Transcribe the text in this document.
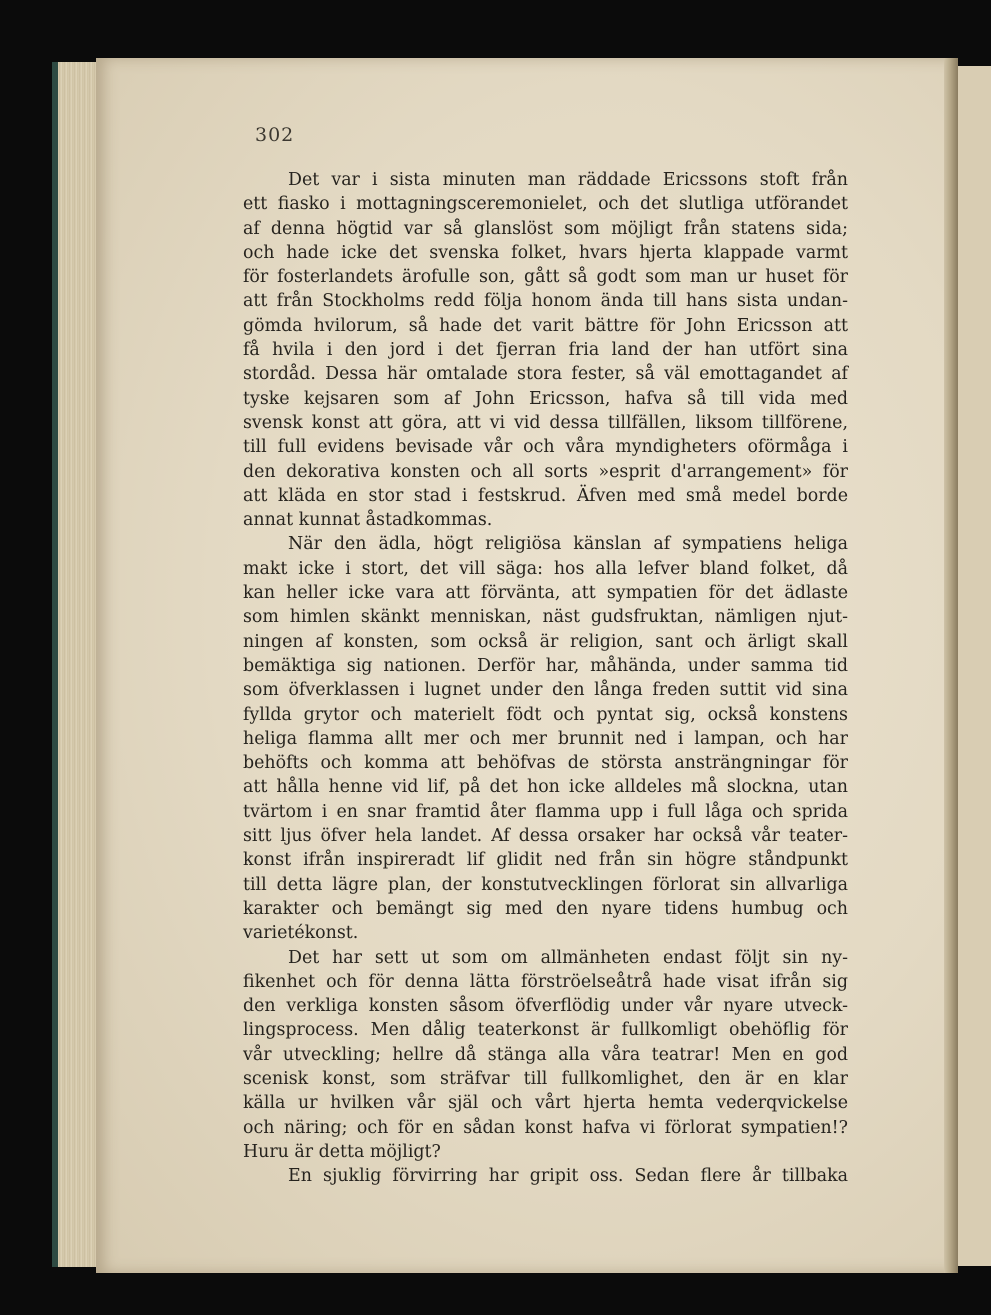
302
Det var i sista minuten man räddade Ericssons stoft från
ett fiasko i mottagningsceremonielet, och det slutliga utförandet
af denna högtid var så glanslöst som möjligt från statens sida;
och hade icke det svenska folket, hvars hjerta klappade varmt
för fosterlandets ärofulle son, gått så godt som man ur huset för
att från Stockholms redd följa honom ända till hans sista undan-
gömda hvilorum, så hade det varit bättre för John Ericsson att
få hvila i den jord i det fjerran fria land der han utfört sina
stordåd. Dessa här omtalade stora fester, så väl emottagandet af
tyske kejsaren som af John Ericsson, hafva så till vida med
svensk konst att göra, att vi vid dessa tillfällen, liksom tillförene,
till full evidens bevisade vår och våra myndigheters oförmåga i
den dekorativa konsten och all sorts »esprit d'arrangement» för
att kläda en stor stad i festskrud. Äfven med små medel borde
annat kunnat åstadkommas.
När den ädla, högt religiösa känslan af sympatiens heliga
makt icke i stort, det vill säga: hos alla lefver bland folket, då
kan heller icke vara att förvänta, att sympatien för det ädlaste
som himlen skänkt menniskan, näst gudsfruktan, nämligen njut-
ningen af konsten, som också är religion, sant och ärligt skall
bemäktiga sig nationen. Derför har, måhända, under samma tid
som öfverklassen i lugnet under den långa freden suttit vid sina
fyllda grytor och materielt födt och pyntat sig, också konstens
heliga flamma allt mer och mer brunnit ned i lampan, och har
behöfts och komma att behöfvas de största ansträngningar för
att hålla henne vid lif, på det hon icke alldeles må slockna, utan
tvärtom i en snar framtid åter flamma upp i full låga och sprida
sitt ljus öfver hela landet. Af dessa orsaker har också vår teater-
konst ifrån inspireradt lif glidit ned från sin högre ståndpunkt
till detta lägre plan, der konstutvecklingen förlorat sin allvarliga
karakter och bemängt sig med den nyare tidens humbug och
varietékonst.
Det har sett ut som om allmänheten endast följt sin ny-
fikenhet och för denna lätta förströelseåtrå hade visat ifrån sig
den verkliga konsten såsom öfverflödig under vår nyare utveck-
lingsprocess. Men dålig teaterkonst är fullkomligt obehöflig för
vår utveckling; hellre då stänga alla våra teatrar! Men en god
scenisk konst, som sträfvar till fullkomlighet, den är en klar
källa ur hvilken vår själ och vårt hjerta hemta vederqvickelse
och näring; och för en sådan konst hafva vi förlorat sympatien!?
Huru är detta möjligt?
En sjuklig förvirring har gripit oss. Sedan flere år tillbaka
